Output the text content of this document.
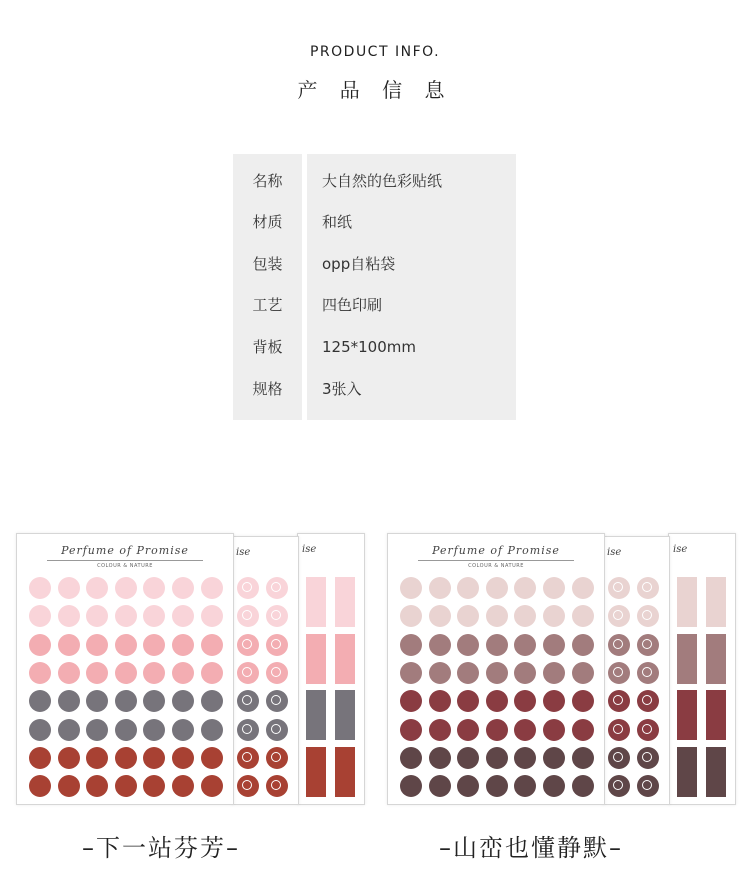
PRODUCT INFO.
产 品 信 息
名称	大自然的色彩贴纸
材质	和纸
包装	opp自粘袋
工艺	四色印刷
背板	125*100mm
规格	3张入
ise
ise
Perfume of Promise
COLOUR & NATURE
–下一站芬芳–
ise
ise
Perfume of Promise
COLOUR & NATURE
–山峦也懂静默–
